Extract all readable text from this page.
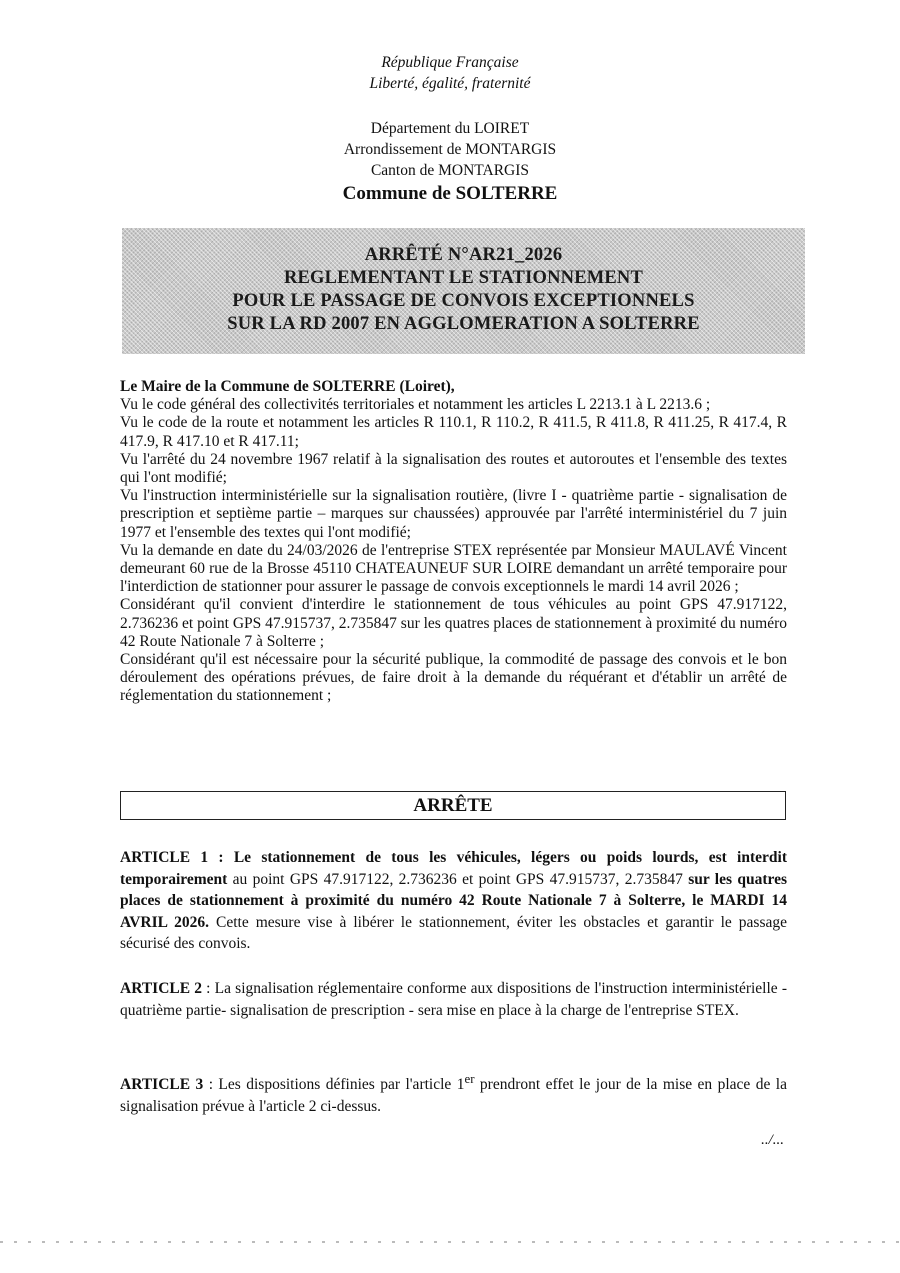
République Française
Liberté, égalité, fraternité
Département du LOIRET
Arrondissement de MONTARGIS
Canton de MONTARGIS
Commune de SOLTERRE
ARRÊTÉ N°AR21_2026
REGLEMENTANT LE STATIONNEMENT
POUR LE PASSAGE DE CONVOIS EXCEPTIONNELS
SUR LA RD 2007 EN AGGLOMERATION A SOLTERRE

Le Maire de la Commune de SOLTERRE (Loiret),

Vu le code général des collectivités territoriales et notamment les articles L 2213.1 à L 2213.6 ;

Vu le code de la route et notamment les articles R 110.1, R 110.2, R 411.5, R 411.8, R 411.25, R 417.4, R 417.9, R 417.10 et R 417.11;

Vu l'arrêté du 24 novembre 1967 relatif à la signalisation des routes et autoroutes et l'ensemble des textes qui l'ont modifié;

Vu l'instruction interministérielle sur la signalisation routière, (livre I - quatrième partie - signalisation de prescription et septième partie – marques sur chaussées) approuvée par l'arrêté interministériel du 7 juin 1977 et l'ensemble des textes qui l'ont modifié;

Vu la demande en date du 24/03/2026 de l'entreprise STEX représentée par Monsieur MAULAVÉ Vincent demeurant 60 rue de la Brosse 45110 CHATEAUNEUF SUR LOIRE demandant un arrêté temporaire pour l'interdiction de stationner pour assurer le passage de convois exceptionnels le mardi 14 avril 2026 ;

Considérant qu'il convient d'interdire le stationnement de tous véhicules au point GPS 47.917122, 2.736236 et point GPS 47.915737, 2.735847 sur les quatres places de stationnement à proximité du numéro 42 Route Nationale 7 à Solterre ;

Considérant qu'il est nécessaire pour la sécurité publique, la commodité de passage des convois et le bon déroulement des opérations prévues, de faire droit à la demande du réquérant et d'établir un arrêté de réglementation du stationnement ;

ARRÊTE

ARTICLE 1 : Le stationnement de tous les véhicules, légers ou poids lourds, est interdit temporairement au point GPS 47.917122, 2.736236 et point GPS 47.915737, 2.735847 sur les quatres places de stationnement à proximité du numéro 42 Route Nationale 7 à Solterre, le MARDI 14 AVRIL 2026. Cette mesure vise à libérer le stationnement, éviter les obstacles et garantir le passage sécurisé des convois.

ARTICLE 2 : La signalisation réglementaire conforme aux dispositions de l'instruction interministérielle - quatrième partie- signalisation de prescription - sera mise en place à la charge de l'entreprise STEX.

ARTICLE 3 : Les dispositions définies par l'article 1er prendront effet le jour de la mise en place de la signalisation prévue à l'article 2 ci-dessus.

../...
